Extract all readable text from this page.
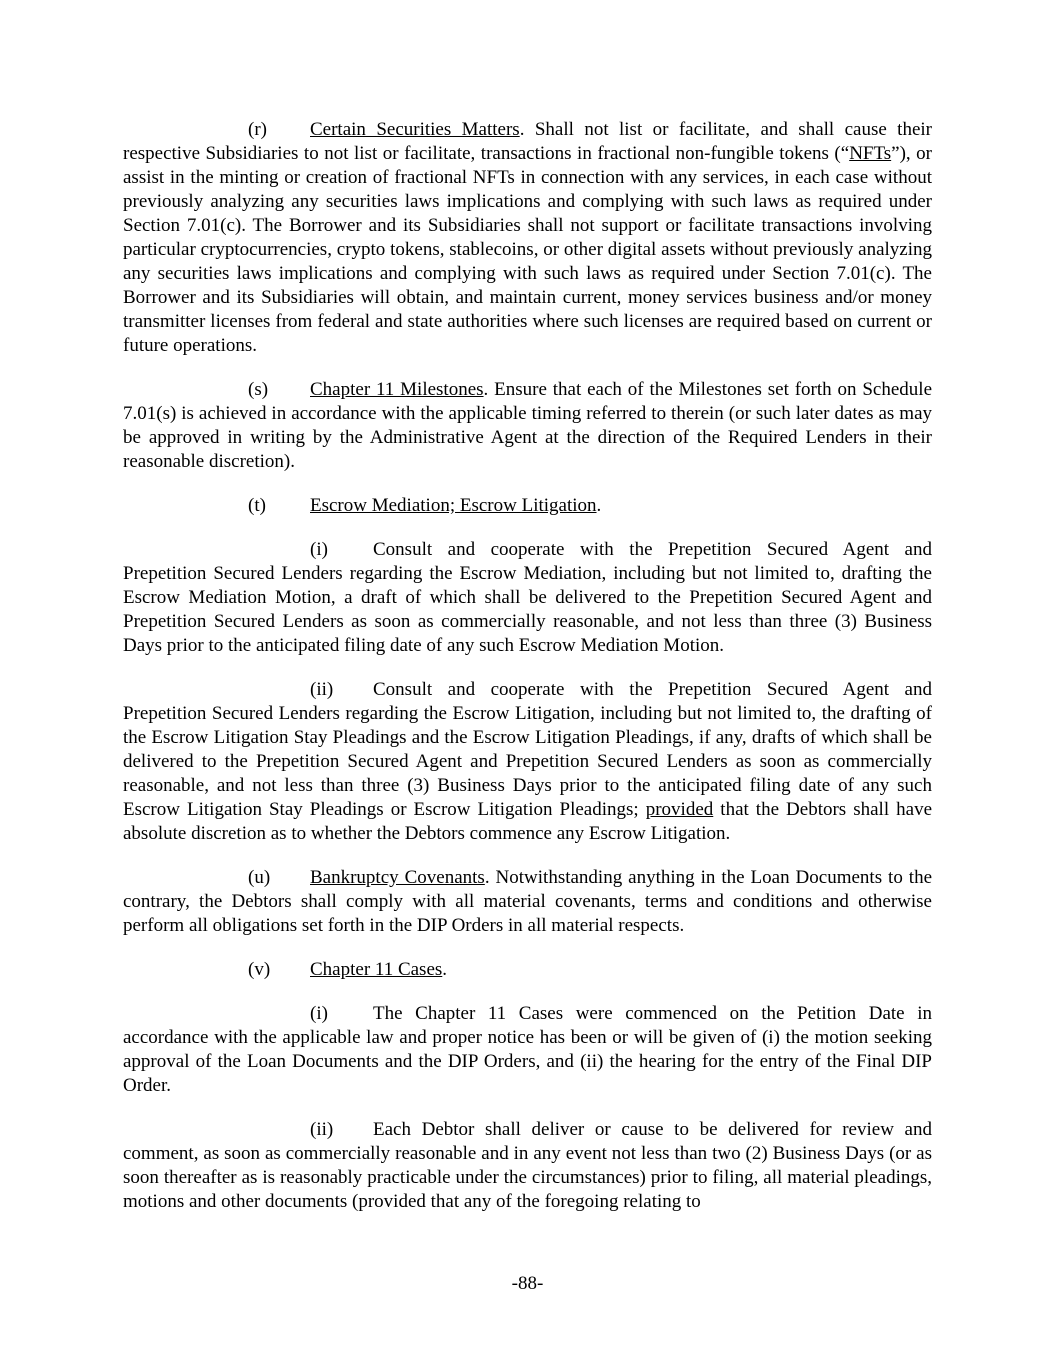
(r) Certain Securities Matters. Shall not list or facilitate, and shall cause their respective Subsidiaries to not list or facilitate, transactions in fractional non-fungible tokens (“NFTs”), or assist in the minting or creation of fractional NFTs in connection with any services, in each case without previously analyzing any securities laws implications and complying with such laws as required under Section 7.01(c). The Borrower and its Subsidiaries shall not support or facilitate transactions involving particular cryptocurrencies, crypto tokens, stablecoins, or other digital assets without previously analyzing any securities laws implications and complying with such laws as required under Section 7.01(c). The Borrower and its Subsidiaries will obtain, and maintain current, money services business and/or money transmitter licenses from federal and state authorities where such licenses are required based on current or future operations.

(s) Chapter 11 Milestones. Ensure that each of the Milestones set forth on Schedule 7.01(s) is achieved in accordance with the applicable timing referred to therein (or such later dates as may be approved in writing by the Administrative Agent at the direction of the Required Lenders in their reasonable discretion).

(t) Escrow Mediation; Escrow Litigation.

(i) Consult and cooperate with the Prepetition Secured Agent and Prepetition Secured Lenders regarding the Escrow Mediation, including but not limited to, drafting the Escrow Mediation Motion, a draft of which shall be delivered to the Prepetition Secured Agent and Prepetition Secured Lenders as soon as commercially reasonable, and not less than three (3) Business Days prior to the anticipated filing date of any such Escrow Mediation Motion.

(ii) Consult and cooperate with the Prepetition Secured Agent and Prepetition Secured Lenders regarding the Escrow Litigation, including but not limited to, the drafting of the Escrow Litigation Stay Pleadings and the Escrow Litigation Pleadings, if any, drafts of which shall be delivered to the Prepetition Secured Agent and Prepetition Secured Lenders as soon as commercially reasonable, and not less than three (3) Business Days prior to the anticipated filing date of any such Escrow Litigation Stay Pleadings or Escrow Litigation Pleadings; provided that the Debtors shall have absolute discretion as to whether the Debtors commence any Escrow Litigation.

(u) Bankruptcy Covenants. Notwithstanding anything in the Loan Documents to the contrary, the Debtors shall comply with all material covenants, terms and conditions and otherwise perform all obligations set forth in the DIP Orders in all material respects.

(v) Chapter 11 Cases.

(i) The Chapter 11 Cases were commenced on the Petition Date in accordance with the applicable law and proper notice has been or will be given of (i) the motion seeking approval of the Loan Documents and the DIP Orders, and (ii) the hearing for the entry of the Final DIP Order.

(ii) Each Debtor shall deliver or cause to be delivered for review and comment, as soon as commercially reasonable and in any event not less than two (2) Business Days (or as soon thereafter as is reasonably practicable under the circumstances) prior to filing, all material pleadings, motions and other documents (provided that any of the foregoing relating to

-88-
